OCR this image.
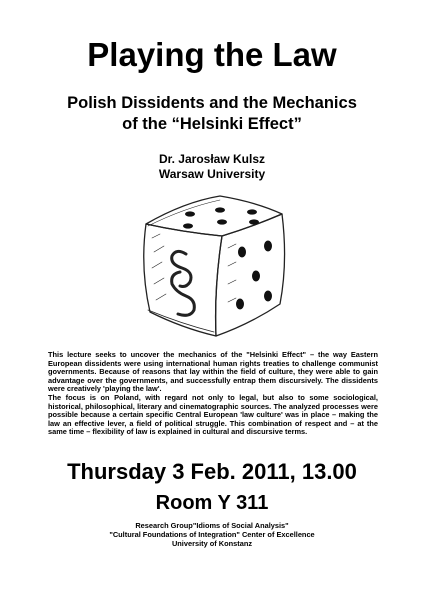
Playing the Law
Polish Dissidents and the Mechanics
of the “Helsinki Effect”
Dr. Jarosław Kulsz
Warsaw University

This lecture seeks to uncover the mechanics of the "Helsinki Effect" – the way Eastern European dissidents were using international human rights treaties to challenge communist governments. Because of reasons that lay within the field of culture, they were able to gain advantage over the governments, and successfully entrap them discursively. The dissidents were creatively 'playing the law'.

The focus is on Poland, with regard not only to legal, but also to some sociological, historical, philosophical, literary and cinematographic sources. The analyzed processes were possible because a certain specific Central European 'law culture' was in place – making the law an effective lever, a field of political struggle. This combination of respect and – at the same time – flexibility of law is explained in cultural and discursive terms.

Thursday 3 Feb. 2011, 13.00
Room Y 311
Research Group"Idioms of Social Analysis"
"Cultural Foundations of Integration" Center of Excellence
University of Konstanz
